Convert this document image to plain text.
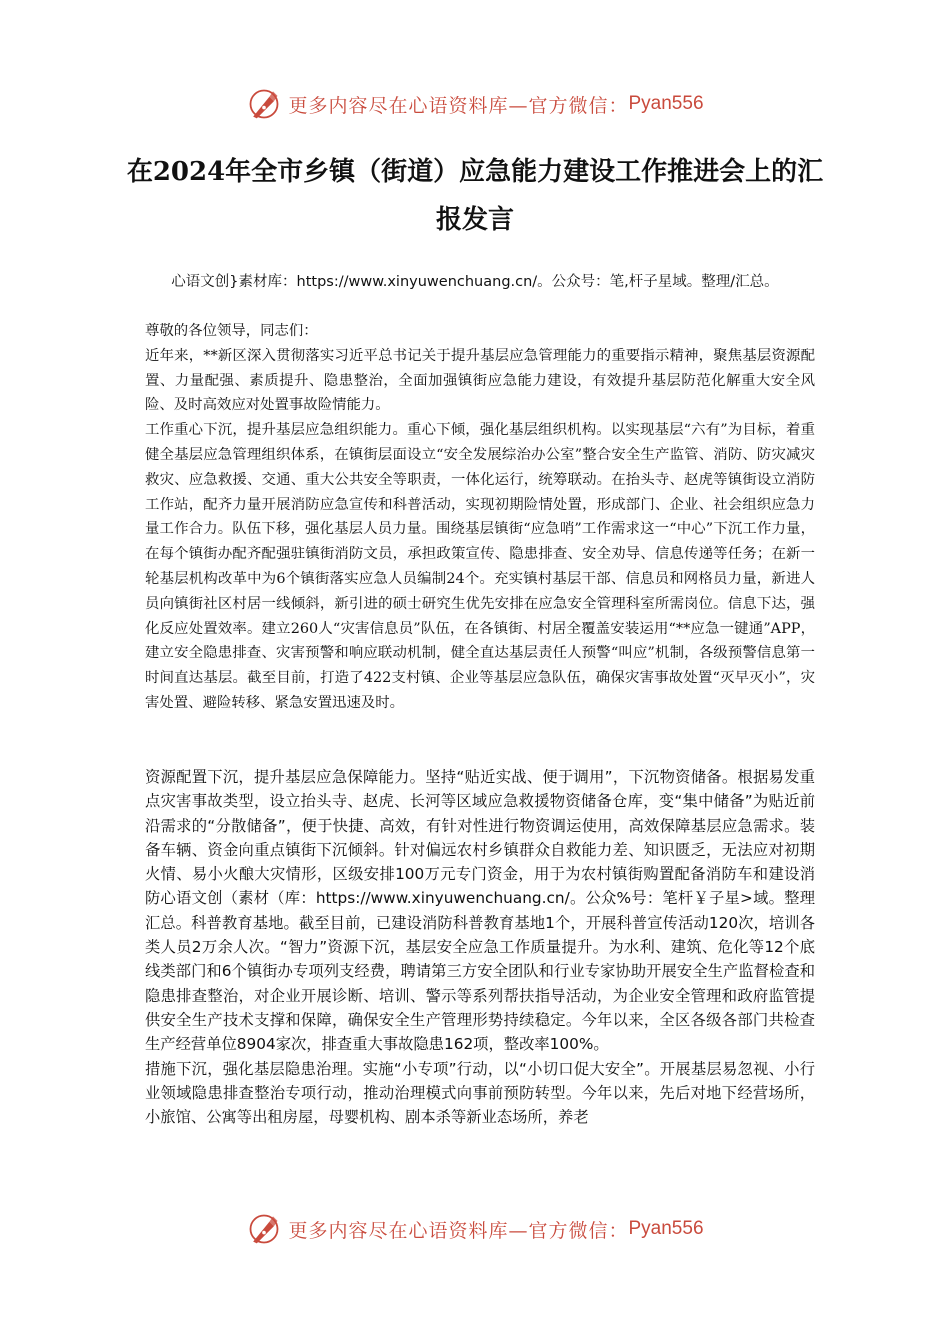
更多内容尽在心语资料库—官方微信： Pyan556
在2024年全市乡镇（街道）应急能力建设工作推进会上的汇报发言

心语文创}素材库：https://www.xinyuwenchuang.cn/。公众号：笔,杆子星域。整理/汇总。

尊敬的各位领导，同志们：

近年来，**新区深入贯彻落实习近平总书记关于提升基层应急管理能力的重要指示精神，聚焦基层资源配置、力量配强、素质提升、隐患整治，全面加强镇街应急能力建设，有效提升基层防范化解重大安全风险、及时高效应对处置事故险情能力。

工作重心下沉，提升基层应急组织能力。重心下倾，强化基层组织机构。以实现基层“六有”为目标，着重健全基层应急管理组织体系，在镇街层面设立“安全发展综治办公室”整合安全生产监管、消防、防灾减灾救灾、应急救援、交通、重大公共安全等职责，一体化运行，统筹联动。在抬头寺、赵虎等镇街设立消防工作站，配齐力量开展消防应急宣传和科普活动，实现初期险情处置，形成部门、企业、社会组织应急力量工作合力。队伍下移，强化基层人员力量。围绕基层镇街“应急哨”工作需求这一“中心”下沉工作力量，在每个镇街办配齐配强驻镇街消防文员，承担政策宣传、隐患排查、安全劝导、信息传递等任务；在新一轮基层机构改革中为6个镇街落实应急人员编制24个。充实镇村基层干部、信息员和网格员力量，新进人员向镇街社区村居一线倾斜，新引进的硕士研究生优先安排在应急安全管理科室所需岗位。信息下达，强化反应处置效率。建立260人“灾害信息员”队伍，在各镇街、村居全覆盖安装运用“**应急一键通”APP，建立安全隐患排查、灾害预警和响应联动机制，健全直达基层责任人预警“叫应”机制，各级预警信息第一时间直达基层。截至目前，打造了422支村镇、企业等基层应急队伍，确保灾害事故处置“灭早灭小”，灾害处置、避险转移、紧急安置迅速及时。

资源配置下沉，提升基层应急保障能力。坚持“贴近实战、便于调用”，下沉物资储备。根据易发重点灾害事故类型，设立抬头寺、赵虎、长河等区域应急救援物资储备仓库，变“集中储备”为贴近前沿需求的“分散储备”，便于快捷、高效，有针对性进行物资调运使用，高效保障基层应急需求。装备车辆、资金向重点镇街下沉倾斜。针对偏远农村乡镇群众自救能力差、知识匮乏，无法应对初期火情、易小火酿大灾情形，区级安排100万元专门资金，用于为农村镇街购置配备消防车和建设消防心语文创（素材（库：https://www.xinyuwenchuang.cn/。公众%号：笔杆￥子星>域。整理汇总。科普教育基地。截至目前，已建设消防科普教育基地1个，开展科普宣传活动120次，培训各类人员2万余人次。“智力”资源下沉，基层安全应急工作质量提升。为水利、建筑、危化等12个底线类部门和6个镇街办专项列支经费，聘请第三方安全团队和行业专家协助开展安全生产监督检查和隐患排查整治，对企业开展诊断、培训、警示等系列帮扶指导活动，为企业安全管理和政府监管提供安全生产技术支撑和保障，确保安全生产管理形势持续稳定。今年以来，全区各级各部门共检查生产经营单位8904家次，排查重大事故隐患162项，整改率100%。

措施下沉，强化基层隐患治理。实施“小专项”行动，以“小切口促大安全”。开展基层易忽视、小行业领域隐患排查整治专项行动，推动治理模式向事前预防转型。今年以来，先后对地下经营场所，小旅馆、公寓等出租房屋，母婴机构、剧本杀等新业态场所，养老

更多内容尽在心语资料库—官方微信： Pyan556
